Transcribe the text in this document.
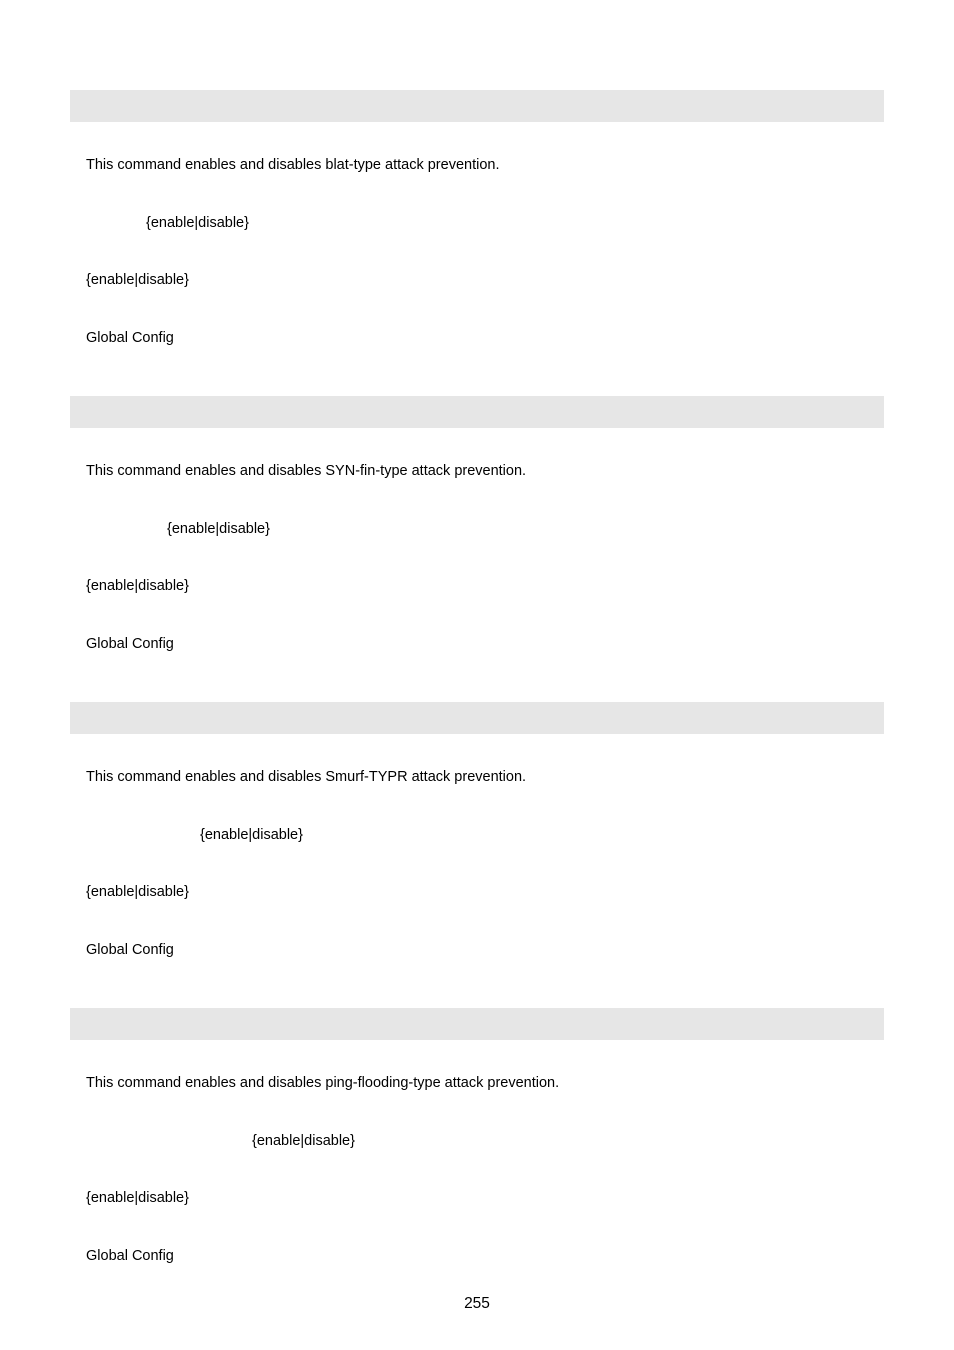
This command enables and disables blat-type attack prevention.
{enable|disable}
{enable|disable}
Global Config
This command enables and disables SYN-fin-type attack prevention.
{enable|disable}
{enable|disable}
Global Config
This command enables and disables Smurf-TYPR attack prevention.
{enable|disable}
{enable|disable}
Global Config
This command enables and disables ping-flooding-type attack prevention.
{enable|disable}
{enable|disable}
Global Config
255
